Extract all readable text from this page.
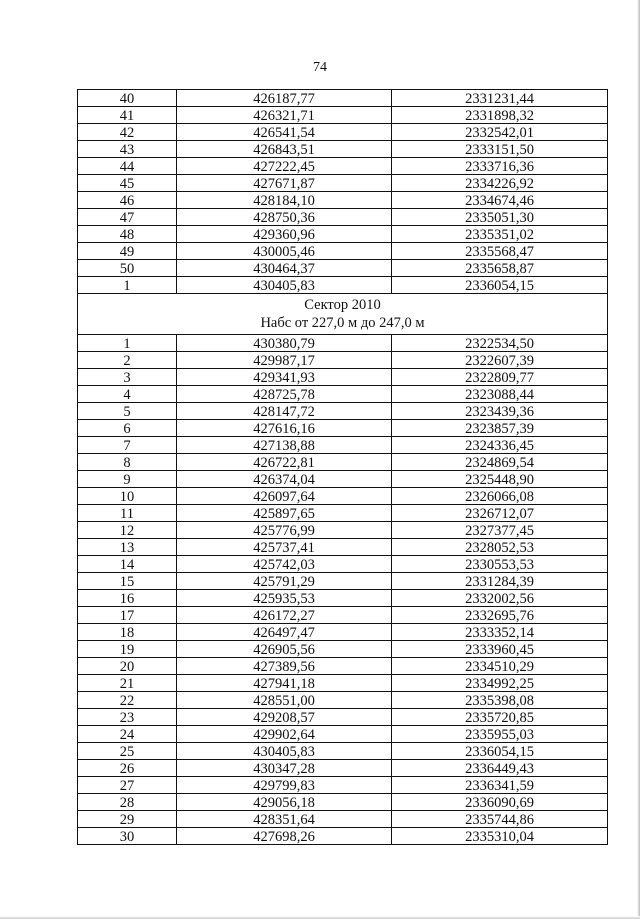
74
40	426187,77	2331231,44
41	426321,71	2331898,32
42	426541,54	2332542,01
43	426843,51	2333151,50
44	427222,45	2333716,36
45	427671,87	2334226,92
46	428184,10	2334674,46
47	428750,36	2335051,30
48	429360,96	2335351,02
49	430005,46	2335568,47
50	430464,37	2335658,87
1	430405,83	2336054,15

Сектор 2010
Набс от 227,0 м до 247,0 м		

1	430380,79	2322534,50
2	429987,17	2322607,39
3	429341,93	2322809,77
4	428725,78	2323088,44
5	428147,72	2323439,36
6	427616,16	2323857,39
7	427138,88	2324336,45
8	426722,81	2324869,54
9	426374,04	2325448,90
10	426097,64	2326066,08
11	425897,65	2326712,07
12	425776,99	2327377,45
13	425737,41	2328052,53
14	425742,03	2330553,53
15	425791,29	2331284,39
16	425935,53	2332002,56
17	426172,27	2332695,76
18	426497,47	2333352,14
19	426905,56	2333960,45
20	427389,56	2334510,29
21	427941,18	2334992,25
22	428551,00	2335398,08
23	429208,57	2335720,85
24	429902,64	2335955,03
25	430405,83	2336054,15
26	430347,28	2336449,43
27	429799,83	2336341,59
28	429056,18	2336090,69
29	428351,64	2335744,86
30	427698,26	2335310,04
